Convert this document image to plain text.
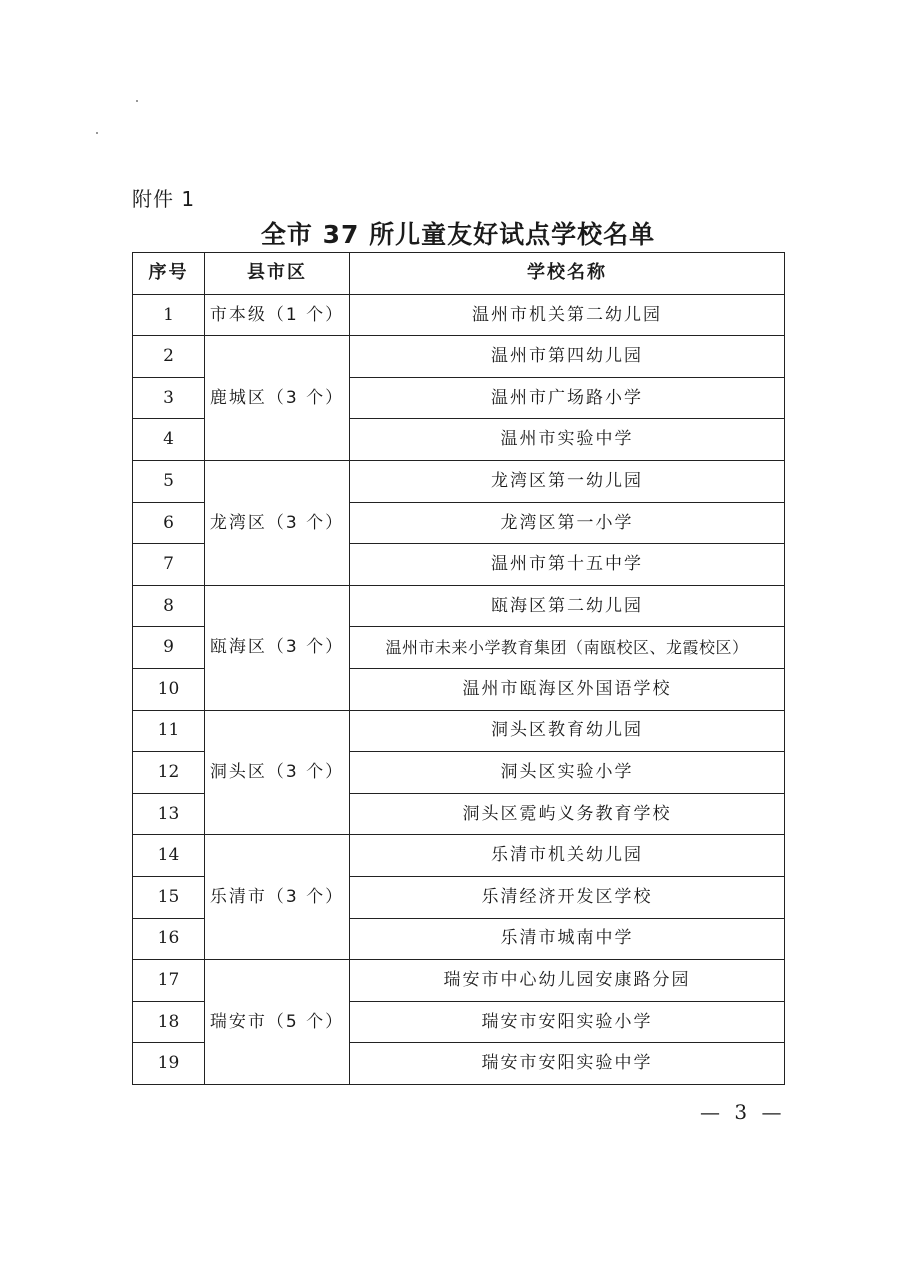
附件 1
全市 37 所儿童友好试点学校名单
序号	县市区	学校名称
1	市本级（1 个）	温州市机关第二幼儿园
2	鹿城区（3 个）	温州市第四幼儿园
3		温州市广场路小学
4		温州市实验中学
5	龙湾区（3 个）	龙湾区第一幼儿园
6		龙湾区第一小学
7		温州市第十五中学
8	瓯海区（3 个）	瓯海区第二幼儿园
9		温州市未来小学教育集团（南瓯校区、龙霞校区）
10		温州市瓯海区外国语学校
11	洞头区（3 个）	洞头区教育幼儿园
12		洞头区实验小学
13		洞头区霓屿义务教育学校
14	乐清市（3 个）	乐清市机关幼儿园
15		乐清经济开发区学校
16		乐清市城南中学
17	瑞安市（5 个）	瑞安市中心幼儿园安康路分园
18		瑞安市安阳实验小学
19		瑞安市安阳实验中学
— 3 —
